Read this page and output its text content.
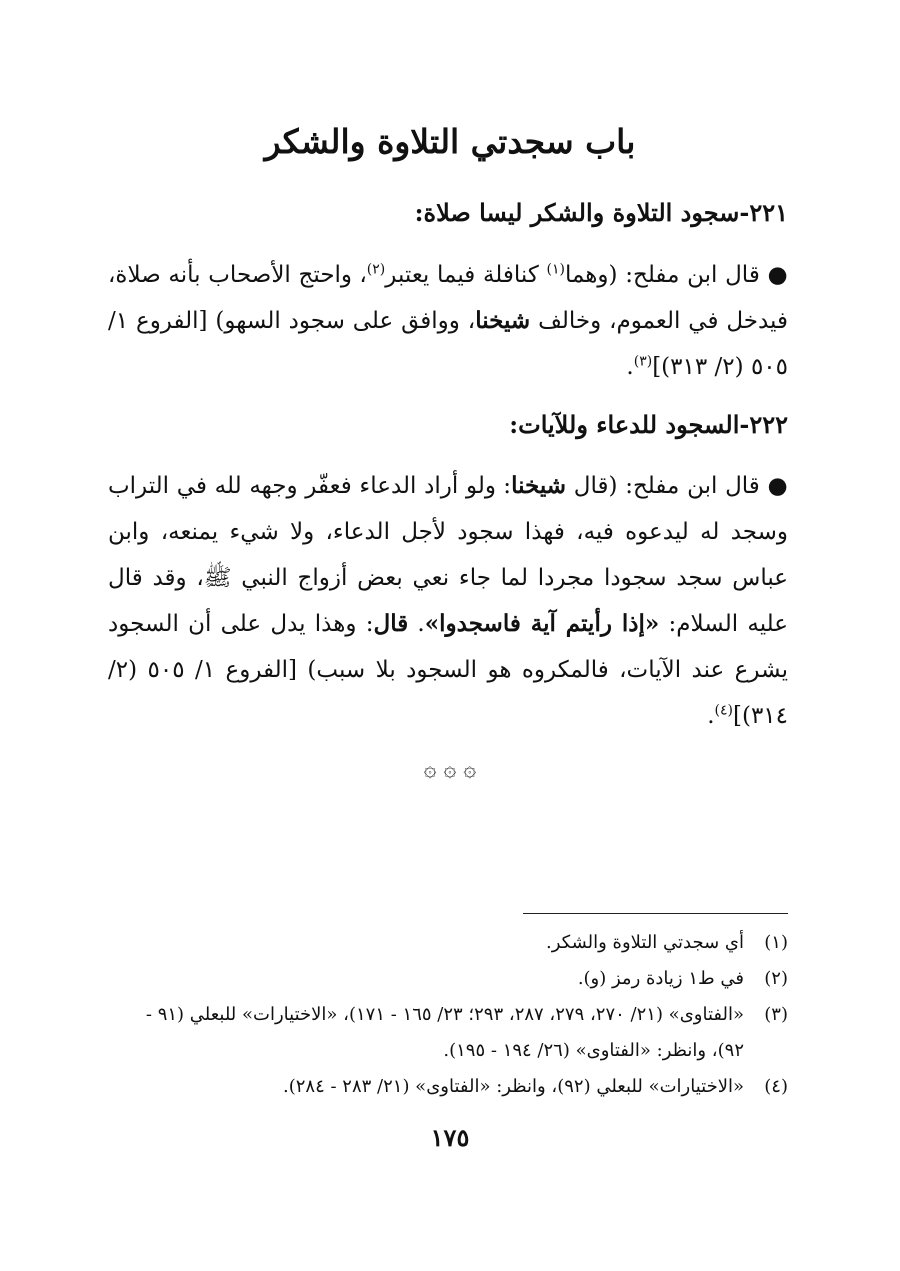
باب سجدتي التلاوة والشكر
٢٢١-سجود التلاوة والشكر ليسا صلاة:

● قال ابن مفلح: (وهما$^{(١)}$ كنافلة فيما يعتبر$^{(٢)}$، واحتج الأصحاب بأنه صلاة، فيدخل في العموم، وخالف شيخنا، ووافق على سجود السهو) [الفروع ١/ ٥٠٥ (٢/ ٣١٣)]$^{(٣)}$.

٢٢٢-السجود للدعاء وللآيات:

● قال ابن مفلح: (قال شيخنا: ولو أراد الدعاء فعفّر وجهه لله في التراب وسجد له ليدعوه فيه، فهذا سجود لأجل الدعاء، ولا شيء يمنعه، وابن عباس سجد سجودا مجردا لما جاء نعي بعض أزواج النبي ﷺ، وقد قال عليه السلام: «إذا رأيتم آية فاسجدوا». قال: وهذا يدل على أن السجود يشرع عند الآيات، فالمكروه هو السجود بلا سبب) [الفروع ١/ ٥٠٥ (٢/ ٣١٤)]$^{(٤)}$.

۞ ۞ ۞
(١)
أي سجدتي التلاوة والشكر.
(٢)
في ط١ زيادة رمز (و).
(٣)
«الفتاوى» (٢١/ ٢٧٠، ٢٧٩، ٢٨٧، ٢٩٣؛ ٢٣/ ١٦٥ - ١٧١)، «الاختيارات» للبعلي (٩١ - ٩٢)، وانظر: «الفتاوى» (٢٦/ ١٩٤ - ١٩٥).
(٤)
«الاختيارات» للبعلي (٩٢)، وانظر: «الفتاوى» (٢١/ ٢٨٣ - ٢٨٤).
١٧٥
